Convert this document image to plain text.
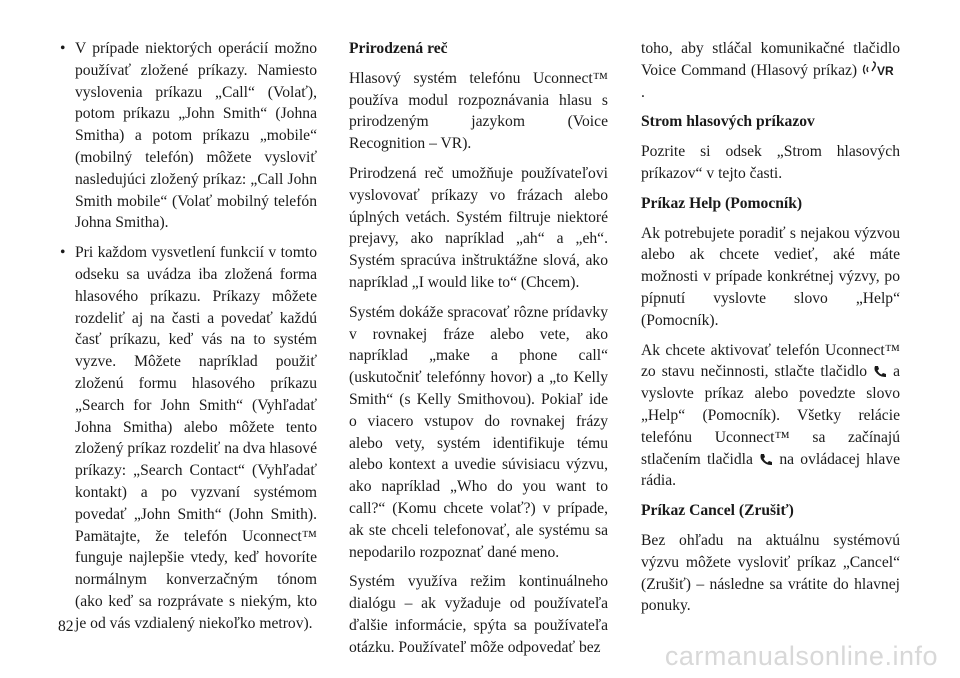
• V prípade niektorých operácií možno používať zložené príkazy. Namiesto vyslovenia príkazu „Call“ (Volať), potom príkazu „John Smith“ (Johna Smitha) a potom príkazu „mobile“ (mobilný telefón) môžete vysloviť nasledujúci zložený príkaz: „Call John Smith mobile“ (Volať mobilný telefón Johna Smitha).
• Pri každom vysvetlení funkcií v tomto odseku sa uvádza iba zložená forma hlasového príkazu. Príkazy môžete rozdeliť aj na časti a povedať každú časť príkazu, keď vás na to systém vyzve. Môžete napríklad použiť zloženú formu hlasového príkazu „Search for John Smith“ (Vyhľadať Johna Smitha) alebo môžete tento zložený príkaz rozdeliť na dva hlasové príkazy: „Search Contact“ (Vyhľadať kontakt) a po vyzvaní systémom povedať „John Smith“ (John Smith). Pamätajte, že telefón Uconnect™ funguje najlepšie vtedy, keď hovoríte normálnym konverzačným tónom (ako keď sa rozprávate s niekým, kto je od vás vzdialený niekoľko metrov).
Prirodzená reč

Hlasový systém telefónu Uconnect™ používa modul rozpoznávania hlasu s prirodzeným jazykom (Voice Recognition – VR).

Prirodzená reč umožňuje používateľovi vyslovovať príkazy vo frázach alebo úplných vetách. Systém filtruje niektoré prejavy, ako napríklad „ah“ a „eh“. Systém spracúva inštruktážne slová, ako napríklad „I would like to“ (Chcem).

Systém dokáže spracovať rôzne prídavky v rovnakej fráze alebo vete, ako napríklad „make a phone call“ (uskutočniť telefónny hovor) a „to Kelly Smith“ (s Kelly Smithovou). Pokiaľ ide o viacero vstupov do rovnakej frázy alebo vety, systém identifikuje tému alebo kontext a uvedie súvisiacu výzvu, ako napríklad „Who do you want to call?“ (Komu chcete volať?) v prípade, ak ste chceli telefonovať, ale systému sa nepodarilo rozpoznať dané meno.

Systém využíva režim kontinuálneho dialógu – ak vyžaduje od používateľa ďalšie informácie, spýta sa používateľa otázku. Používateľ môže odpovedať bez

toho, aby stláčal komunikačné tlačidlo Voice Command (Hlasový príkaz) VR
.

Strom hlasových príkazov

Pozrite si odsek „Strom hlasových príkazov“ v tejto časti.

Príkaz Help (Pomocník)

Ak potrebujete poradiť s nejakou výzvou alebo ak chcete vedieť, aké máte možnosti v prípade konkrétnej výzvy, po pípnutí vyslovte slovo „Help“ (Pomocník).

Ak chcete aktivovať telefón Uconnect™ zo stavu nečinnosti, stlačte tlačidlo a vyslovte príkaz alebo povedzte slovo „Help“ (Pomocník). Všetky relácie telefónu Uconnect™ sa začínajú stlačením tlačidla na ovládacej hlave rádia.

Príkaz Cancel (Zrušiť)

Bez ohľadu na aktuálnu systémovú výzvu môžete vysloviť príkaz „Cancel“ (Zrušiť) – následne sa vrátite do hlavnej ponuky.

82
carmanualsonline.info
